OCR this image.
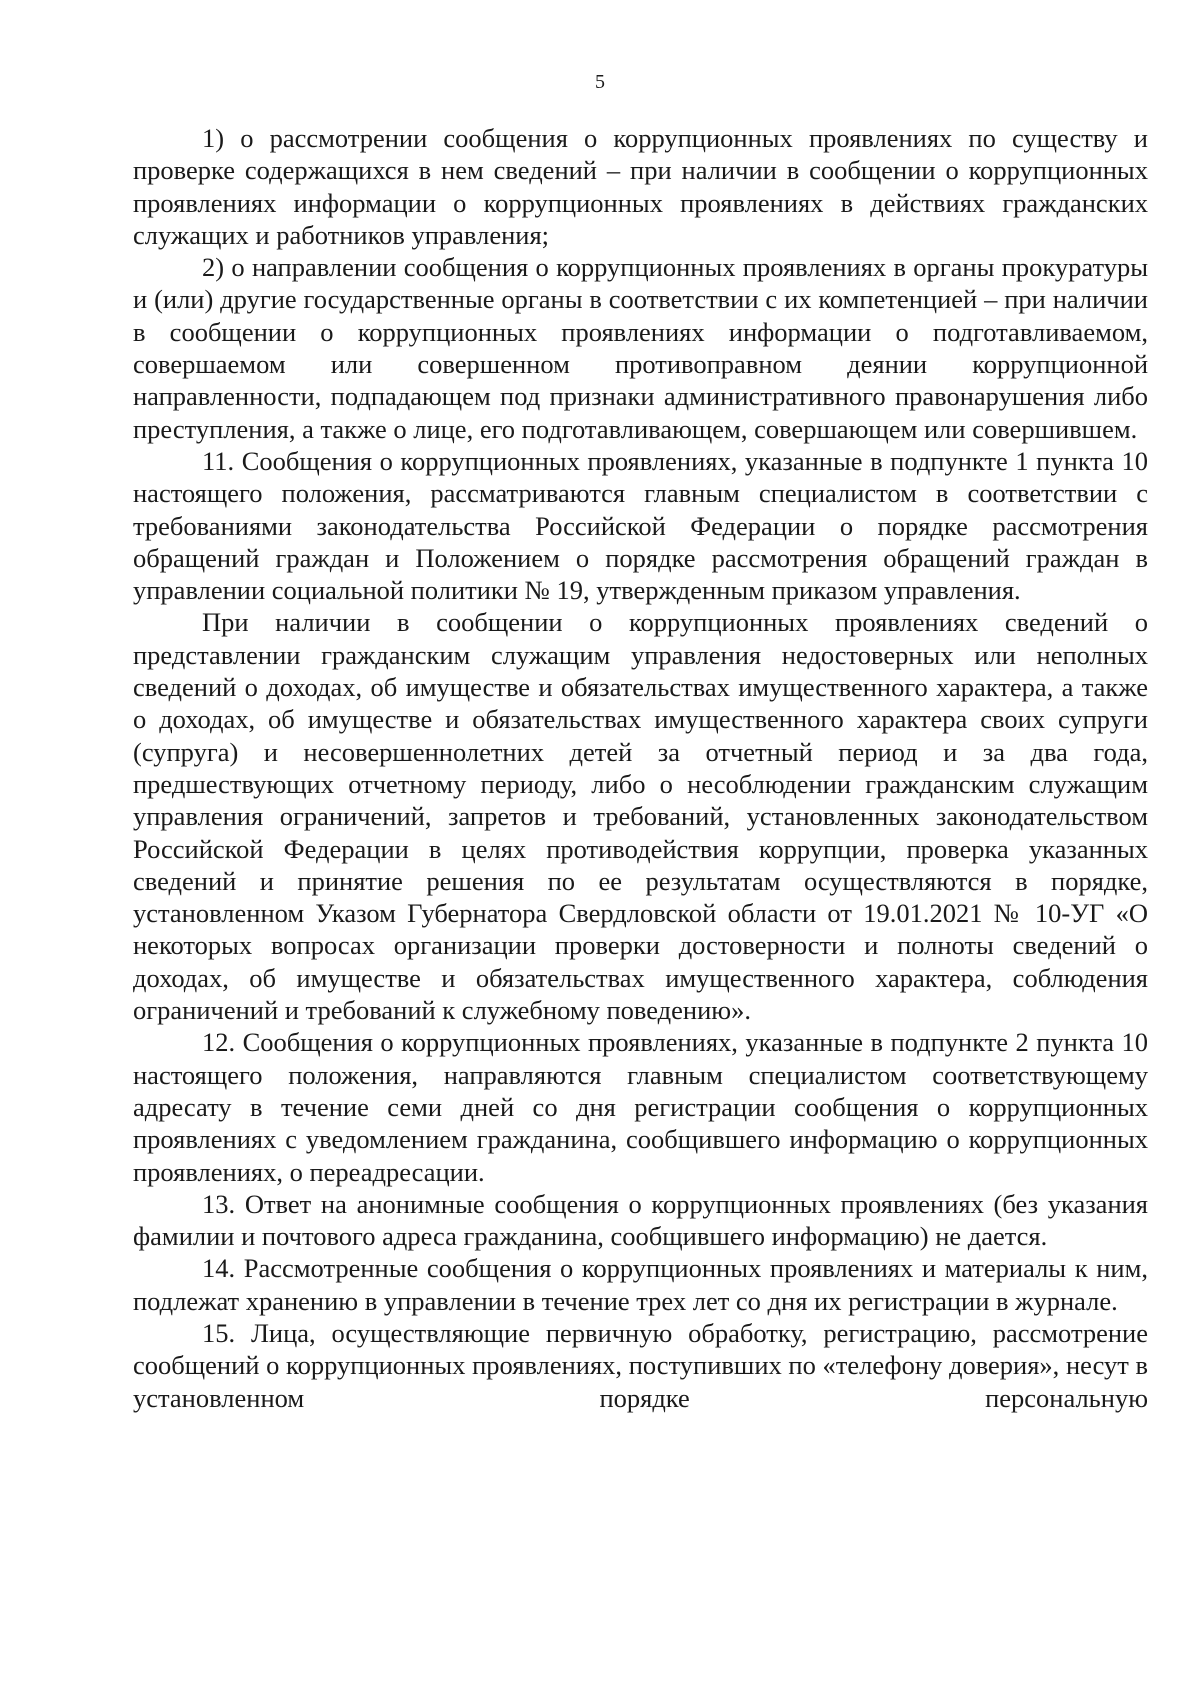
5

1) о рассмотрении сообщения о коррупционных проявлениях по существу и проверке содержащихся в нем сведений – при наличии в сообщении о коррупционных проявлениях информации о коррупционных проявлениях в действиях гражданских служащих и работников управления;

2) о направлении сообщения о коррупционных проявлениях в органы прокуратуры и (или) другие государственные органы в соответствии с их компетенцией – при наличии в сообщении о коррупционных проявлениях информации о подготавливаемом, совершаемом или совершенном противоправном деянии коррупционной направленности, подпадающем под признаки административного правонарушения либо преступления, а также о лице, его подготавливающем, совершающем или совершившем.

11. Сообщения о коррупционных проявлениях, указанные в подпункте 1 пункта 10 настоящего положения, рассматриваются главным специалистом в соответствии с требованиями законодательства Российской Федерации о порядке рассмотрения обращений граждан и Положением о порядке рассмотрения обращений граждан в управлении социальной политики № 19, утвержденным приказом управления.

При наличии в сообщении о коррупционных проявлениях сведений о представлении гражданским служащим управления недостоверных или неполных сведений о доходах, об имуществе и обязательствах имущественного характера, а также о доходах, об имуществе и обязательствах имущественного характера своих супруги (супруга) и несовершеннолетних детей за отчетный период и за два года, предшествующих отчетному периоду, либо о несоблюдении гражданским служащим управления ограничений, запретов и требований, установленных законодательством Российской Федерации в целях противодействия коррупции, проверка указанных сведений и принятие решения по ее результатам осуществляются в порядке, установленном Указом Губернатора Свердловской области от 19.01.2021 № 10-УГ «О некоторых вопросах организации проверки достоверности и полноты сведений о доходах, об имуществе и обязательствах имущественного характера, соблюдения ограничений и требований к служебному поведению».

12. Сообщения о коррупционных проявлениях, указанные в подпункте 2 пункта 10 настоящего положения, направляются главным специалистом соответствующему адресату в течение семи дней со дня регистрации сообщения о коррупционных проявлениях с уведомлением гражданина, сообщившего информацию о коррупционных проявлениях, о переадресации.

13. Ответ на анонимные сообщения о коррупционных проявлениях (без указания фамилии и почтового адреса гражданина, сообщившего информацию) не дается.

14. Рассмотренные сообщения о коррупционных проявлениях и материалы к ним, подлежат хранению в управлении в течение трех лет со дня их регистрации в журнале.

15. Лица, осуществляющие первичную обработку, регистрацию, рассмотрение сообщений о коррупционных проявлениях, поступивших по «телефону доверия», несут в установленном порядке персональную
